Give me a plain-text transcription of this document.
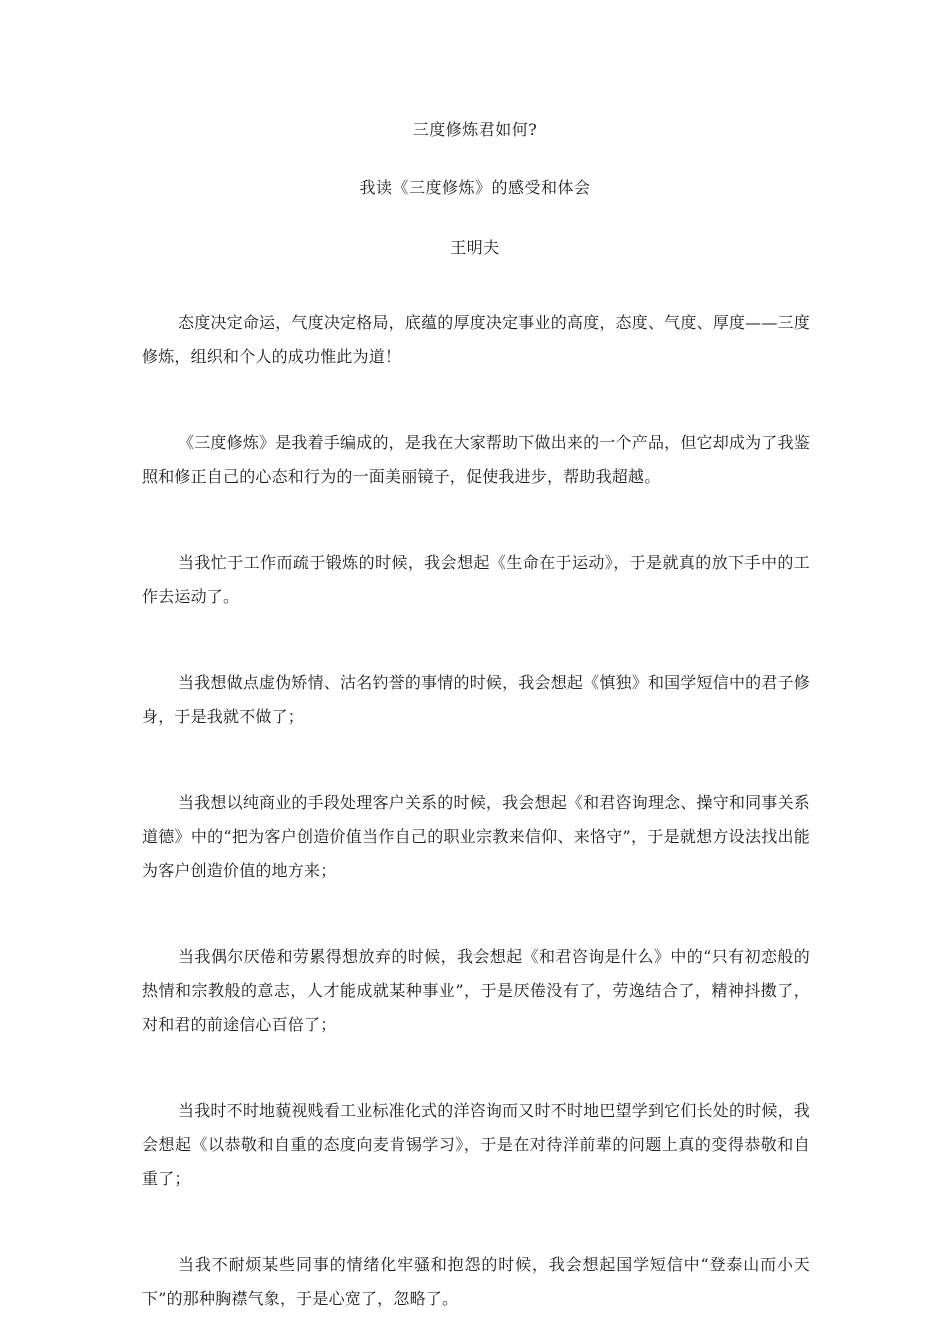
三度修炼君如何?
我读《三度修炼》的感受和体会
王明夫

态度决定命运，气度决定格局，底蕴的厚度决定事业的高度，态度、气度、厚度——三度修炼，组织和个人的成功惟此为道！

《三度修炼》是我着手编成的，是我在大家帮助下做出来的一个产品，但它却成为了我鉴照和修正自己的心态和行为的一面美丽镜子，促使我进步，帮助我超越。

当我忙于工作而疏于锻炼的时候，我会想起《生命在于运动》，于是就真的放下手中的工作去运动了。

当我想做点虚伪矫情、沽名钓誉的事情的时候，我会想起《慎独》和国学短信中的君子修身，于是我就不做了；

当我想以纯商业的手段处理客户关系的时候，我会想起《和君咨询理念、操守和同事关系道德》中的“把为客户创造价值当作自己的职业宗教来信仰、来恪守”，于是就想方设法找出能为客户创造价值的地方来；

当我偶尔厌倦和劳累得想放弃的时候，我会想起《和君咨询是什么》中的“只有初恋般的热情和宗教般的意志，人才能成就某种事业”，于是厌倦没有了，劳逸结合了，精神抖擞了，对和君的前途信心百倍了；

当我时不时地藐视贱看工业标准化式的洋咨询而又时不时地巴望学到它们长处的时候，我会想起《以恭敬和自重的态度向麦肯锡学习》，于是在对待洋前辈的问题上真的变得恭敬和自重了；

当我不耐烦某些同事的情绪化牢骚和抱怨的时候，我会想起国学短信中“登泰山而小天下”的那种胸襟气象，于是心宽了，忽略了。
